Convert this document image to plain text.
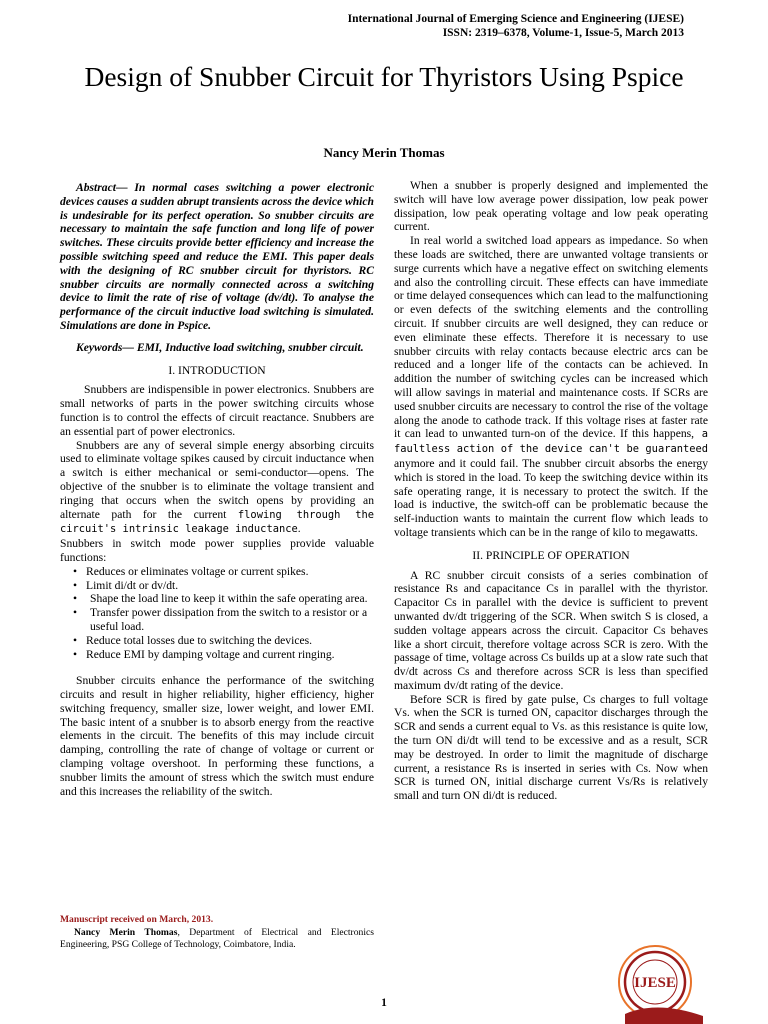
International Journal of Emerging Science and Engineering (IJESE)
ISSN: 2319–6378, Volume-1, Issue-5, March 2013
Design of Snubber Circuit for Thyristors Using Pspice
Nancy Merin Thomas

Abstract— In normal cases switching a power electronic devices causes a sudden abrupt transients across the device which is undesirable for its perfect operation. So snubber circuits are necessary to maintain the safe function and long life of power switches. These circuits provide better efficiency and increase the possible switching speed and reduce the EMI. This paper deals with the designing of RC snubber circuit for thyristors. RC snubber circuits are normally connected across a switching device to limit the rate of rise of voltage (dv/dt). To analyse the performance of the circuit inductive load switching is simulated. Simulations are done in Pspice.

Keywords— EMI, Inductive load switching, snubber circuit.

I. INTRODUCTION

Snubbers are indispensible in power electronics. Snubbers are small networks of parts in the power switching circuits whose function is to control the effects of circuit reactance. Snubbers are an essential part of power electronics.

Snubbers are any of several simple energy absorbing circuits used to eliminate voltage spikes caused by circuit inductance when a switch is either mechanical or semi-conductor—opens. The objective of the snubber is to eliminate the voltage transient and ringing that occurs when the switch opens by providing an alternate path for the current flowing through the circuit's intrinsic leakage inductance.

Snubbers in switch mode power supplies provide valuable functions:

• Reduces or eliminates voltage or current spikes.
• Limit di/dt or dv/dt.
• Shape the load line to keep it within the safe operating area.
• Transfer power dissipation from the switch to a resistor or a useful load.
• Reduce total losses due to switching the devices.
• Reduce EMI by damping voltage and current ringing.

Snubber circuits enhance the performance of the switching circuits and result in higher reliability, higher efficiency, higher switching frequency, smaller size, lower weight, and lower EMI. The basic intent of a snubber is to absorb energy from the reactive elements in the circuit. The benefits of this may include circuit damping, controlling the rate of change of voltage or current or clamping voltage overshoot. In performing these functions, a snubber limits the amount of stress which the switch must endure and this increases the reliability of the switch.

When a snubber is properly designed and implemented the switch will have low average power dissipation, low peak power dissipation, low peak operating voltage and low peak operating current.

In real world a switched load appears as impedance. So when these loads are switched, there are unwanted voltage transients or surge currents which have a negative effect on switching elements and also the controlling circuit. These effects can have immediate or time delayed consequences which can lead to the malfunctioning or even defects of the switching elements and the controlling circuit. If snubber circuits are well designed, they can reduce or even eliminate these effects. Therefore it is necessary to use snubber circuits with relay contacts because electric arcs can be reduced and a longer life of the contacts can be achieved. In addition the number of switching cycles can be increased which will allow savings in material and maintenance costs. If SCRs are used snubber circuits are necessary to control the rise of the voltage along the anode to cathode track. If this voltage rises at faster rate it can lead to unwanted turn-on of the device. If this happens, a faultless action of the device can't be guaranteed anymore and it could fail. The snubber circuit absorbs the energy which is stored in the load. To keep the switching device within its safe operating range, it is necessary to protect the switch. If the load is inductive, the switch-off can be problematic because the self-induction wants to maintain the current flow which leads to voltage transients which can be in the range of kilo to megawatts.

II. PRINCIPLE OF OPERATION

A RC snubber circuit consists of a series combination of resistance Rs and capacitance Cs in parallel with the thyristor. Capacitor Cs in parallel with the device is sufficient to prevent unwanted dv/dt triggering of the SCR. When switch S is closed, a sudden voltage appears across the circuit. Capacitor Cs behaves like a short circuit, therefore voltage across SCR is zero. With the passage of time, voltage across Cs builds up at a slow rate such that dv/dt across Cs and therefore across SCR is less than specified maximum dv/dt rating of the device.

Before SCR is fired by gate pulse, Cs charges to full voltage Vs. when the SCR is turned ON, capacitor discharges through the SCR and sends a current equal to Vs. as this resistance is quite low, the turn ON di/dt will tend to be excessive and as a result, SCR may be destroyed. In order to limit the magnitude of discharge current, a resistance Rs is inserted in series with Cs. Now when SCR is turned ON, initial discharge current Vs/Rs is relatively small and turn ON di/dt is reduced.

Manuscript received on March, 2013.

Nancy Merin Thomas, Department of Electrical and Electronics Engineering, PSG College of Technology, Coimbatore, India.

1
IJESE
